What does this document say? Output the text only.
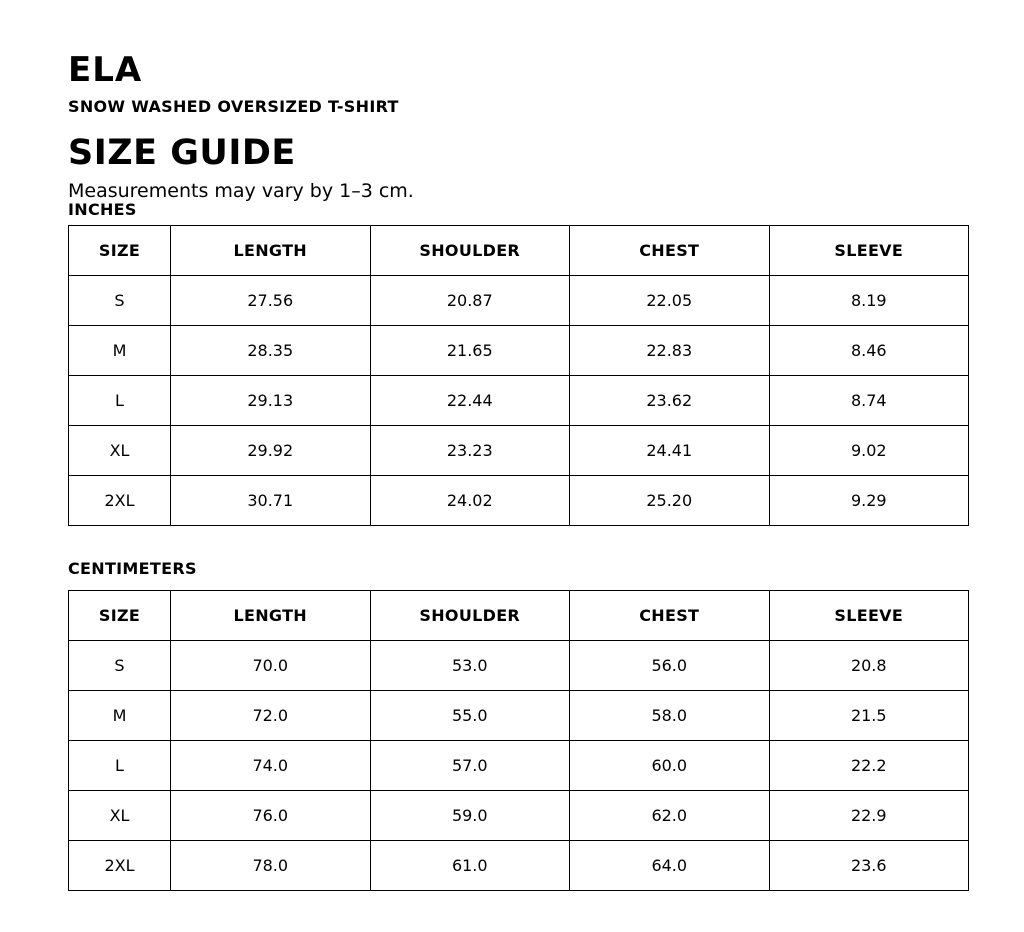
ELA
SNOW WASHED OVERSIZED T-SHIRT
SIZE GUIDE

Measurements may vary by 1–3 cm.

INCHES
SIZE	LENGTH	SHOULDER	CHEST	SLEEVE
S	27.56	20.87	22.05	8.19
M	28.35	21.65	22.83	8.46
L	29.13	22.44	23.62	8.74
XL	29.92	23.23	24.41	9.02
2XL	30.71	24.02	25.20	9.29
CENTIMETERS
SIZE	LENGTH	SHOULDER	CHEST	SLEEVE
S	70.0	53.0	56.0	20.8
M	72.0	55.0	58.0	21.5
L	74.0	57.0	60.0	22.2
XL	76.0	59.0	62.0	22.9
2XL	78.0	61.0	64.0	23.6
